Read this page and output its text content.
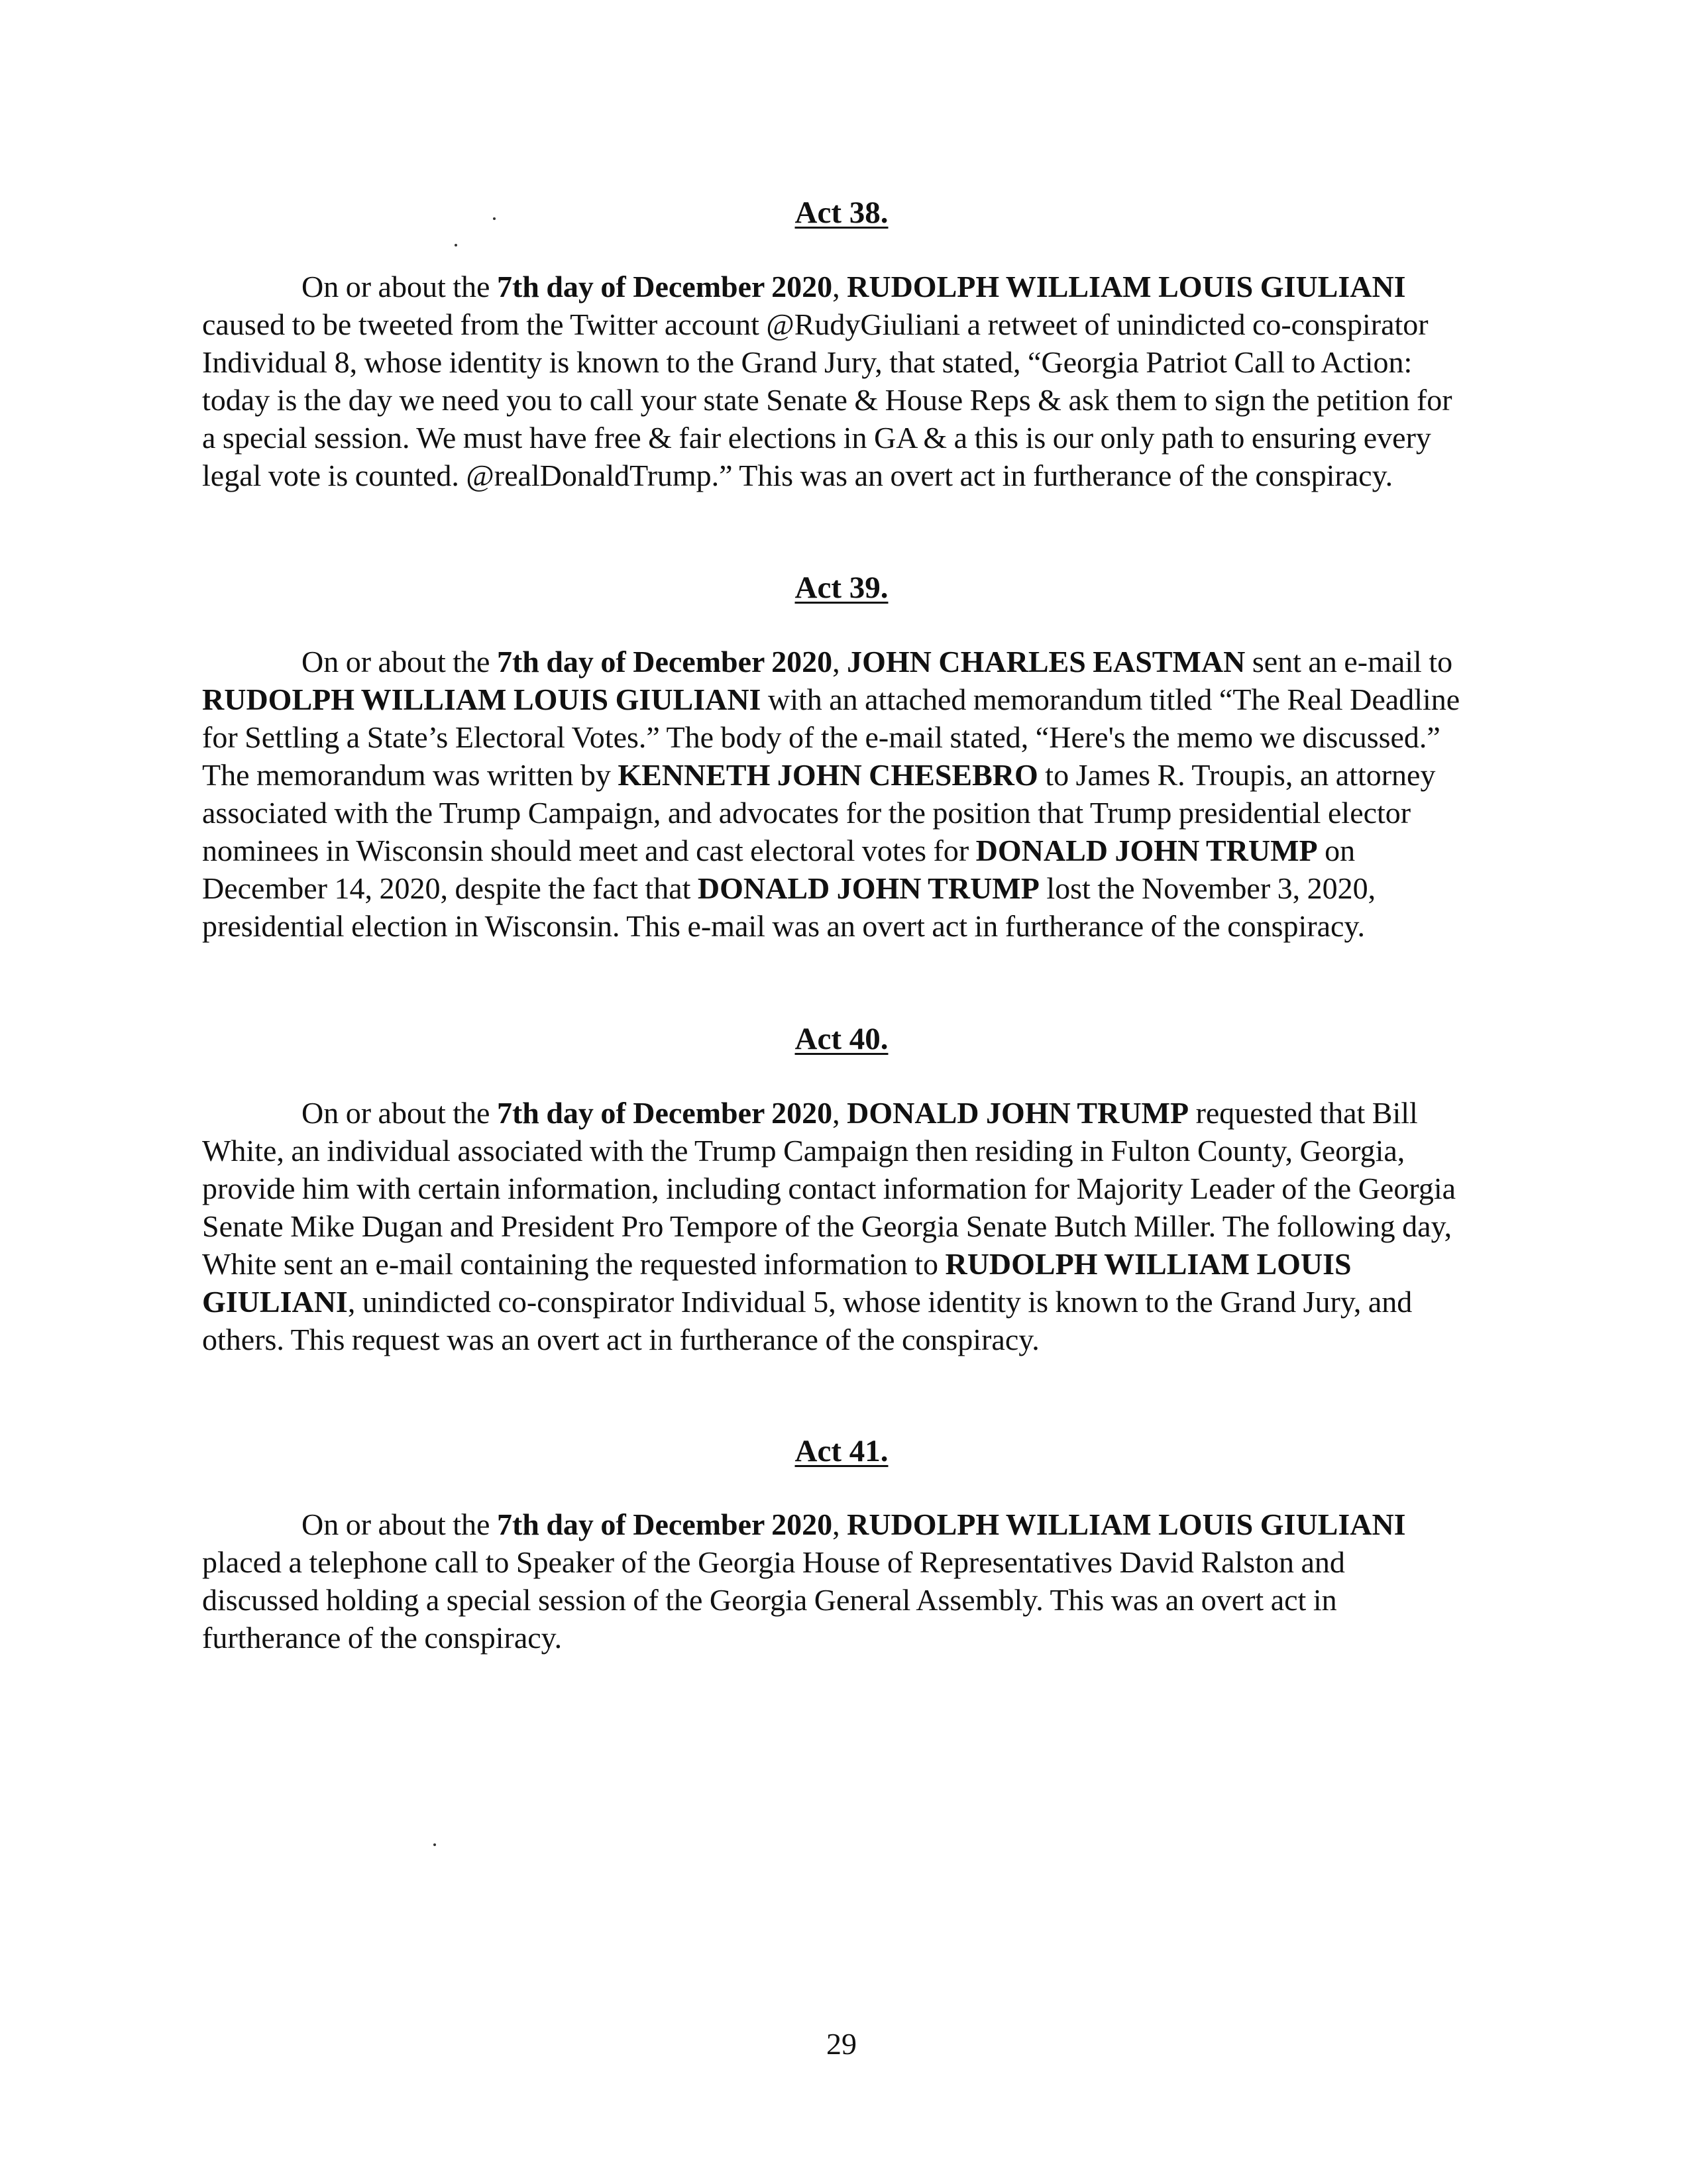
Act 38.

On or about the 7th day of December 2020, RUDOLPH WILLIAM LOUIS GIULIANI caused to be tweeted from the Twitter account @RudyGiuliani a retweet of unindicted co-conspirator Individual 8, whose identity is known to the Grand Jury, that stated, “Georgia Patriot Call to Action: today is the day we need you to call your state Senate & House Reps & ask them to sign the petition for a special session. We must have free & fair elections in GA & a this is our only path to ensuring every legal vote is counted. @realDonaldTrump.” This was an overt act in furtherance of the conspiracy.

Act 39.

On or about the 7th day of December 2020, JOHN CHARLES EASTMAN sent an e-mail to RUDOLPH WILLIAM LOUIS GIULIANI with an attached memorandum titled “The Real Deadline for Settling a State’s Electoral Votes.” The body of the e-mail stated, “Here's the memo we discussed.” The memorandum was written by KENNETH JOHN CHESEBRO to James R. Troupis, an attorney associated with the Trump Campaign, and advocates for the position that Trump presidential elector nominees in Wisconsin should meet and cast electoral votes for DONALD JOHN TRUMP on December 14, 2020, despite the fact that DONALD JOHN TRUMP lost the November 3, 2020, presidential election in Wisconsin. This e-mail was an overt act in furtherance of the conspiracy.

Act 40.

On or about the 7th day of December 2020, DONALD JOHN TRUMP requested that Bill White, an individual associated with the Trump Campaign then residing in Fulton County, Georgia, provide him with certain information, including contact information for Majority Leader of the Georgia Senate Mike Dugan and President Pro Tempore of the Georgia Senate Butch Miller. The following day, White sent an e-mail containing the requested information to RUDOLPH WILLIAM LOUIS GIULIANI, unindicted co-conspirator Individual 5, whose identity is known to the Grand Jury, and others. This request was an overt act in furtherance of the conspiracy.

Act 41.

On or about the 7th day of December 2020, RUDOLPH WILLIAM LOUIS GIULIANI placed a telephone call to Speaker of the Georgia House of Representatives David Ralston and discussed holding a special session of the Georgia General Assembly. This was an overt act in furtherance of the conspiracy.

29
